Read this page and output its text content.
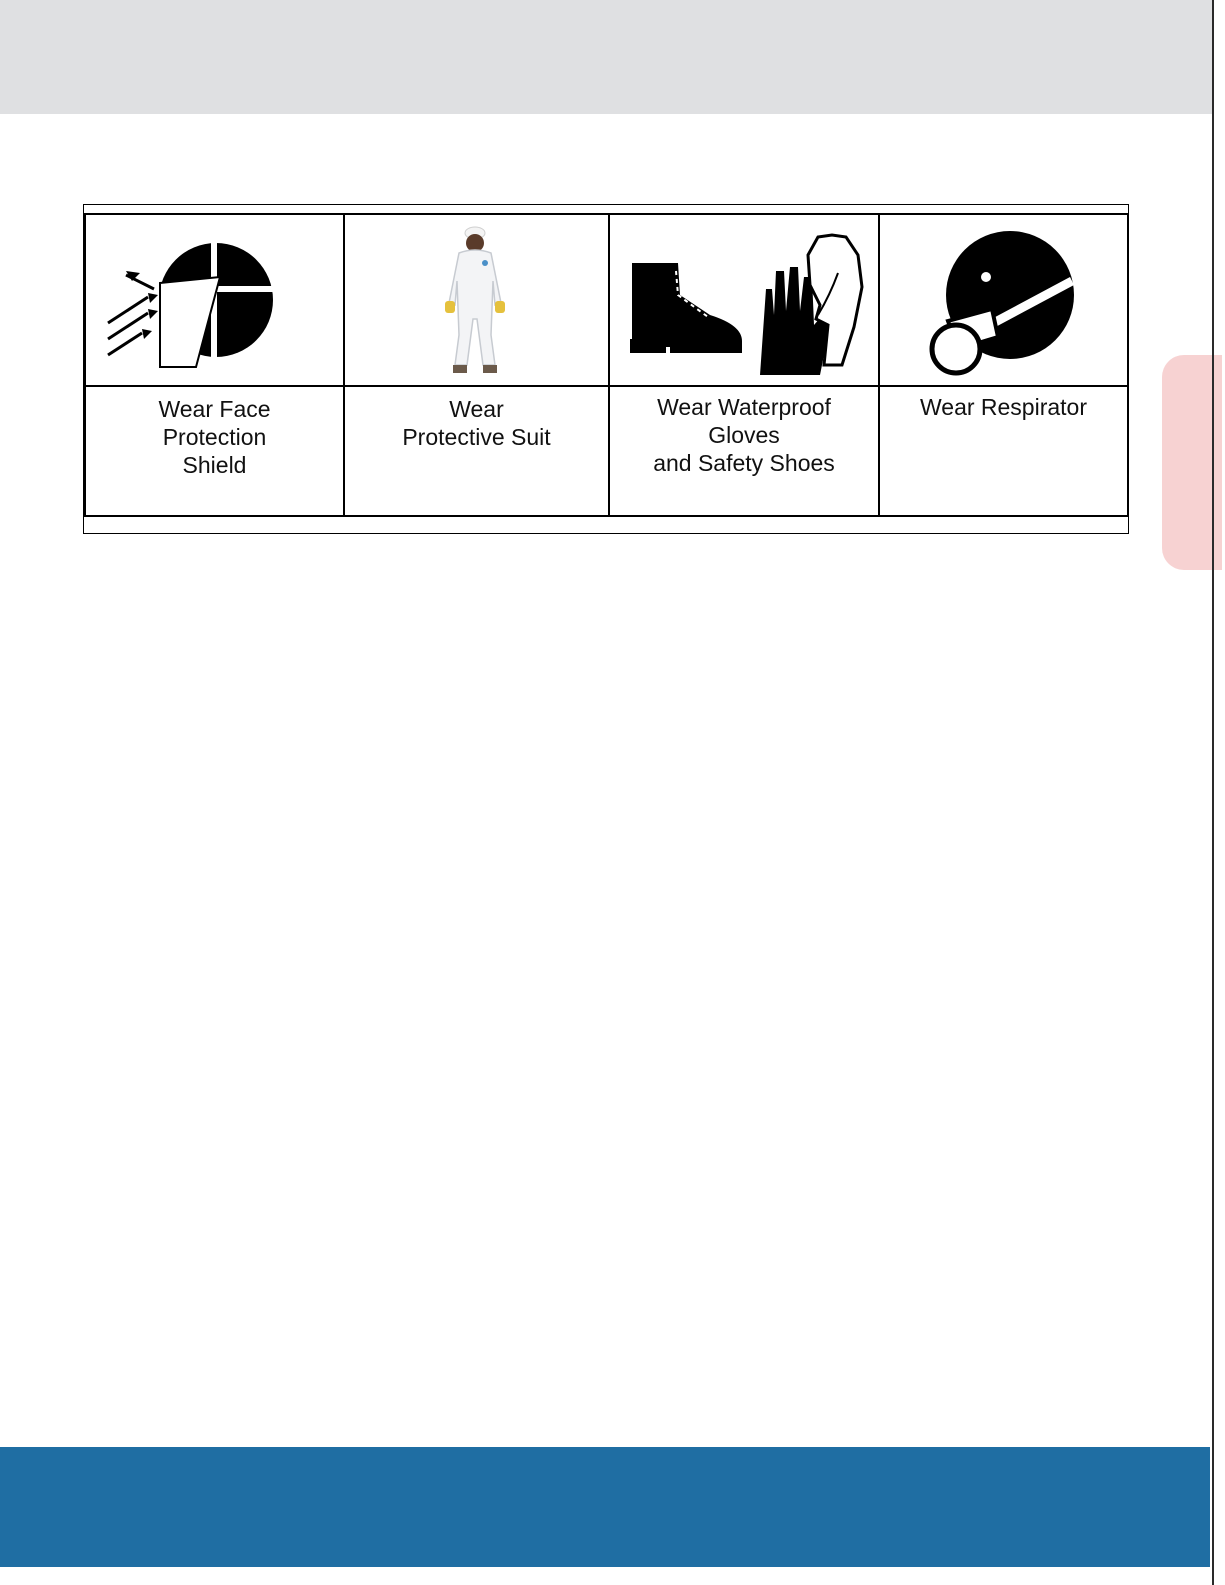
Wear Face
Protection
Shield	Wear
Protective Suit	Wear Waterproof
Gloves
and Safety Shoes	Wear Respirator
